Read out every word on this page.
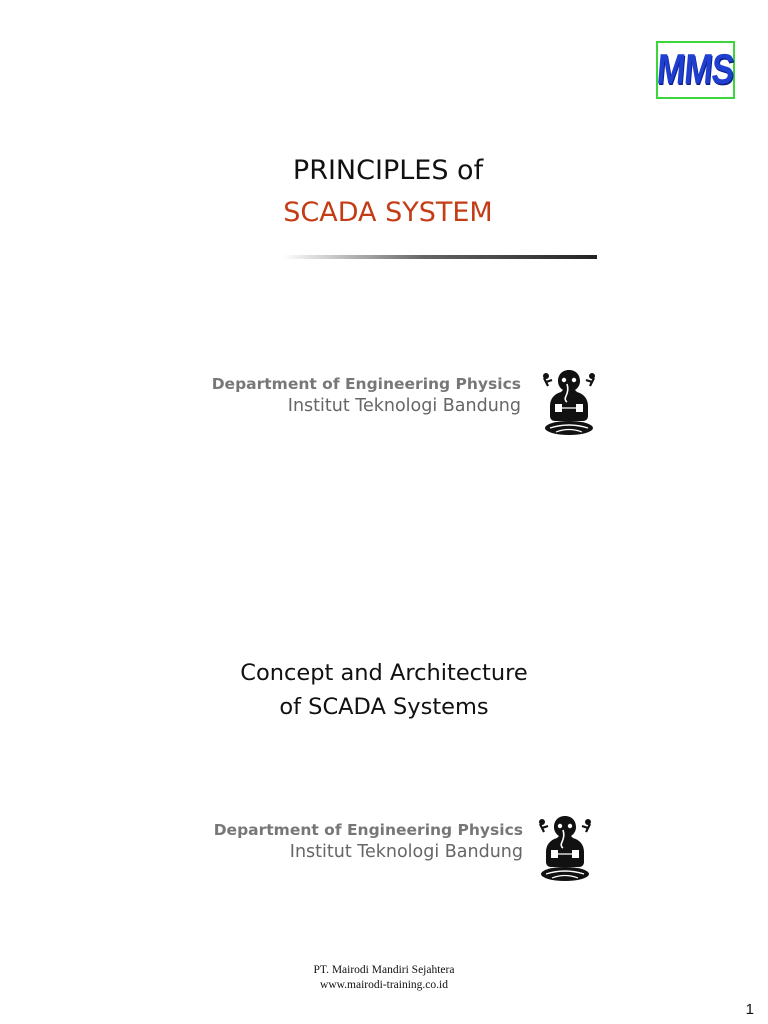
MMS
PRINCIPLES of
SCADA SYSTEM
Department of Engineering Physics
Institut Teknologi Bandung
Concept and Architecture
of SCADA Systems
Department of Engineering Physics
Institut Teknologi Bandung
PT. Mairodi Mandiri Sejahtera
www.mairodi-training.co.id
1
